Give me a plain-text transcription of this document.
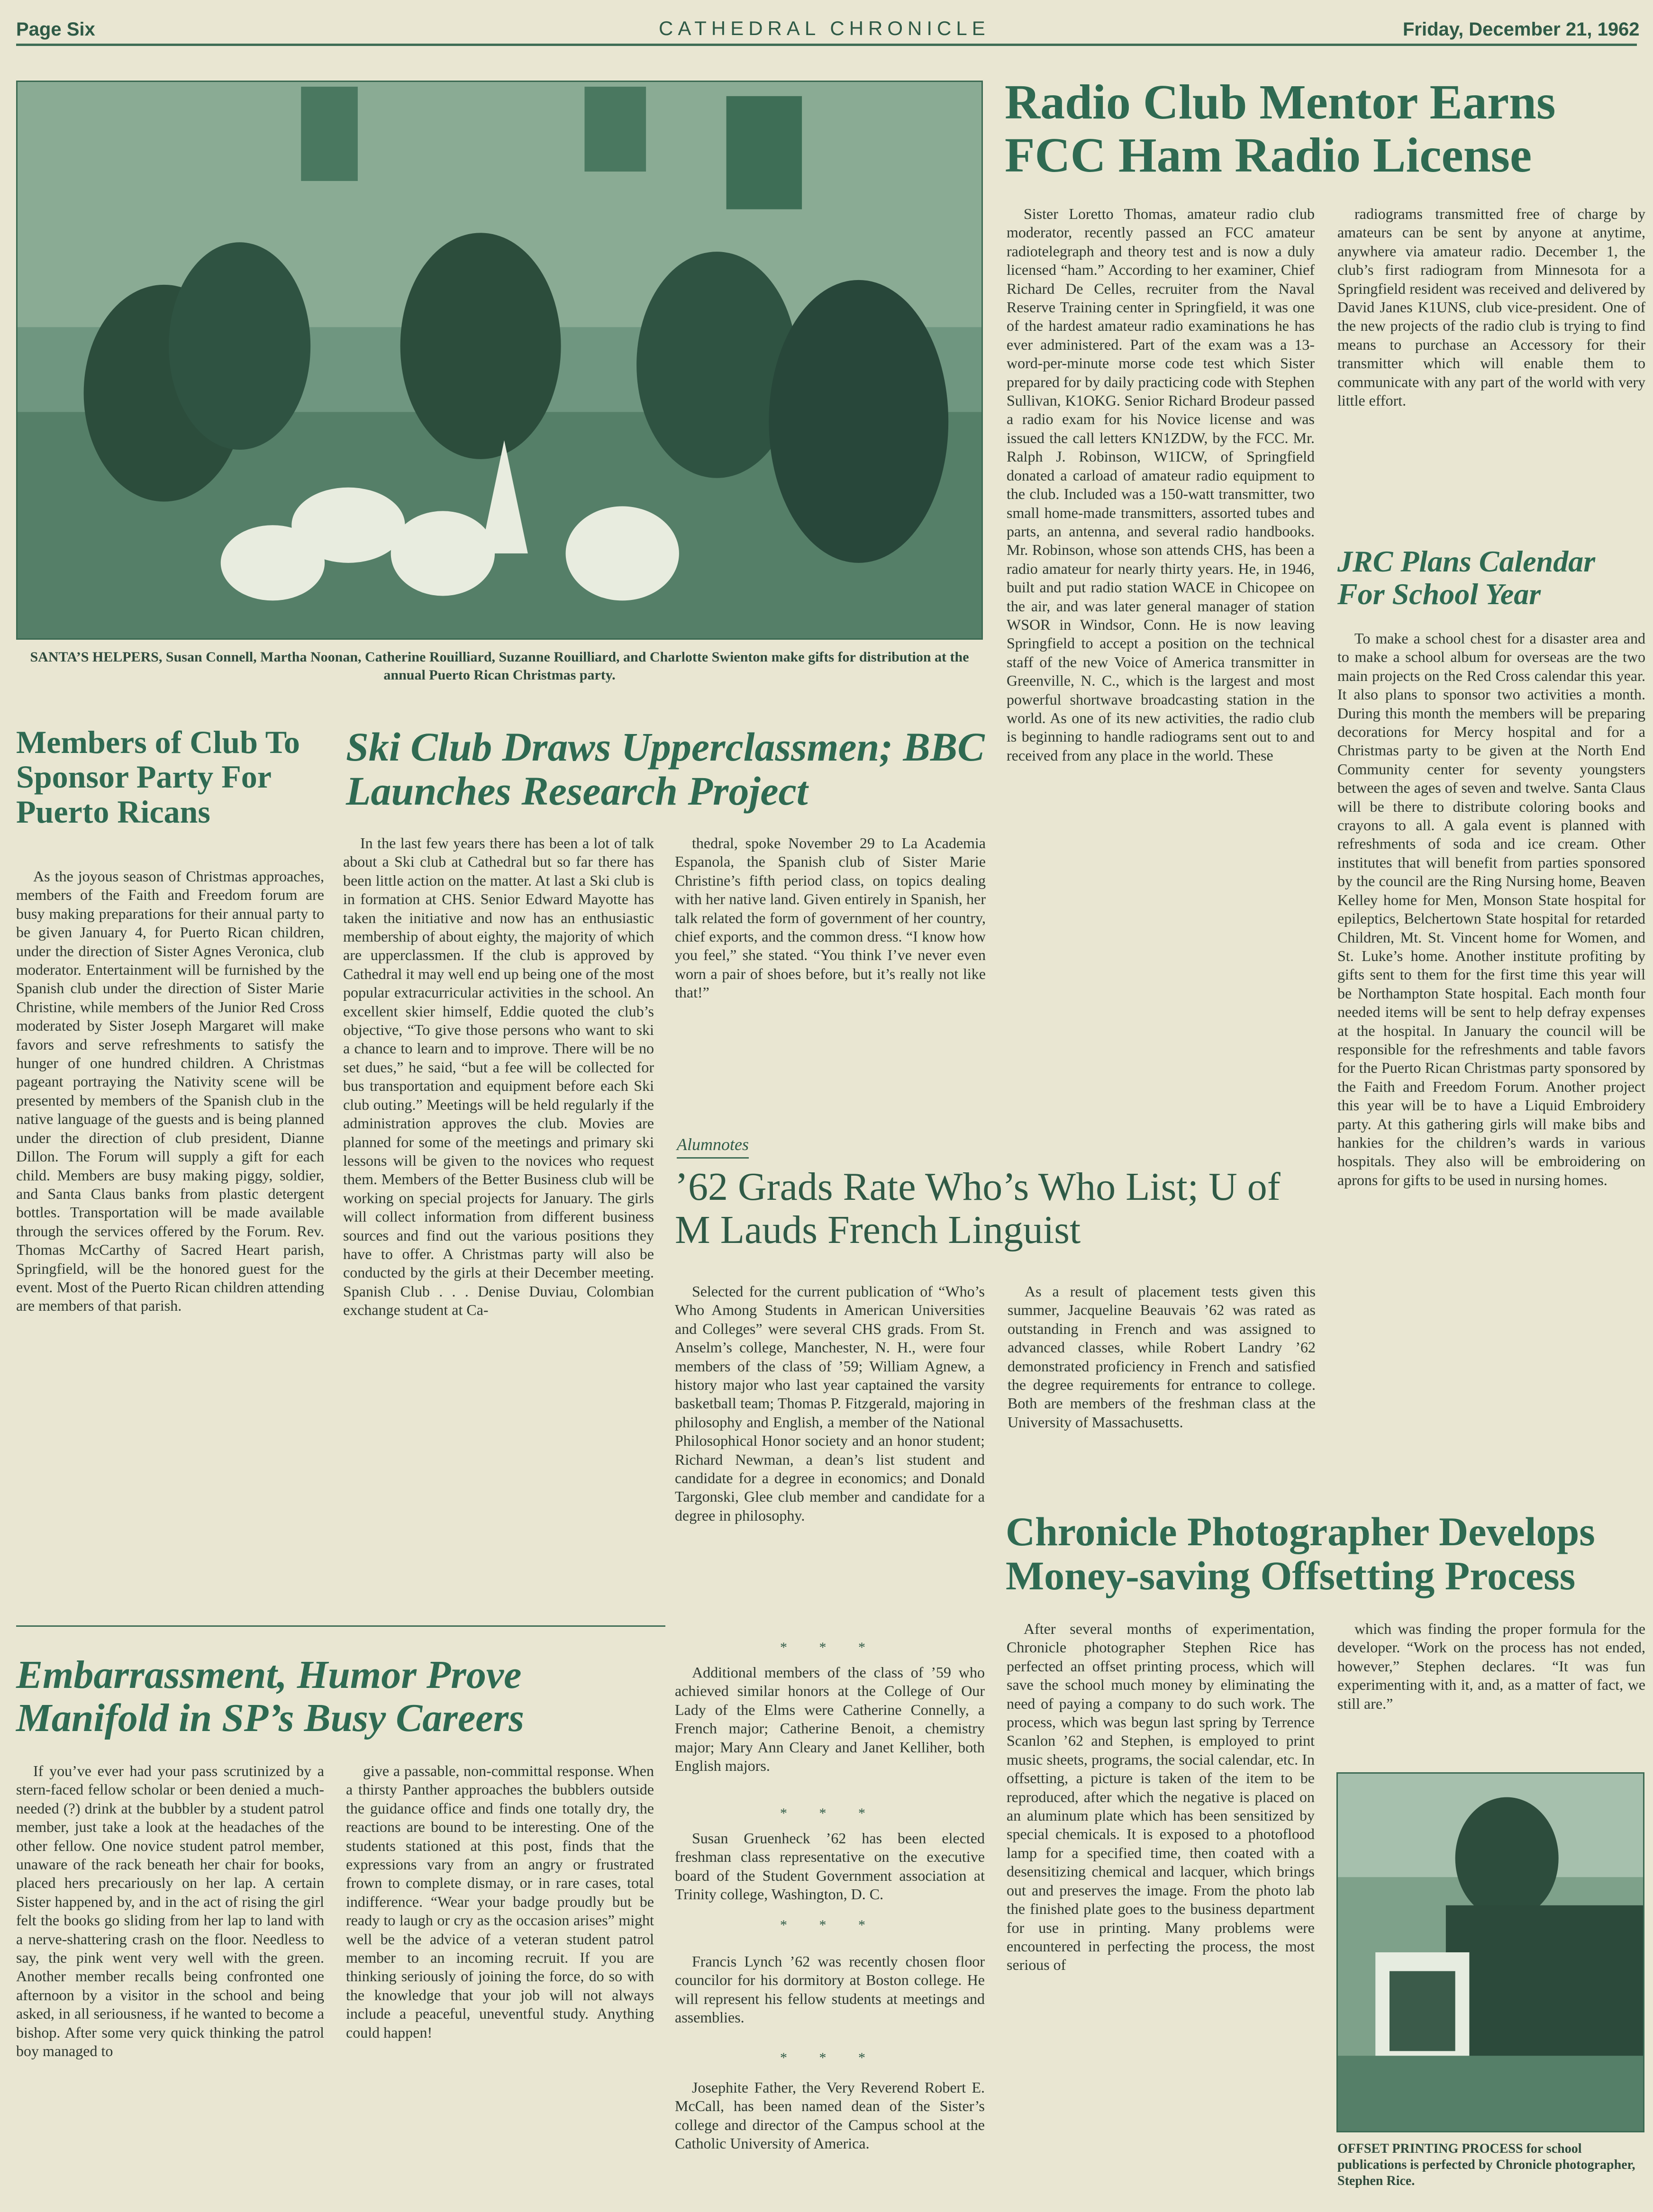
Page Six	CATHEDRAL CHRONICLE	Friday, December 21, 1962
SANTA’S HELPERS, Susan Connell, Martha Noonan, Catherine Rouilliard, Suzanne Rouilliard, and Charlotte Swienton make gifts for distribution at the annual Puerto Rican Christmas party.
Radio Club Mentor Earns FCC Ham Radio License
Sister Loretto Thomas, amateur radio club moderator, recently passed an FCC amateur radiotelegraph and theory test and is now a duly licensed “ham.” According to her examiner, Chief Richard De Celles, recruiter from the Naval Reserve Training center in Springfield, it was one of the hardest amateur radio examinations he has ever administered. Part of the exam was a 13-word-per-minute morse code test which Sister prepared for by daily practicing code with Stephen Sullivan, K1OKG. Senior Richard Brodeur passed a radio exam for his Novice license and was issued the call letters KN1ZDW, by the FCC. Mr. Ralph J. Robinson, W1ICW, of Springfield donated a carload of amateur radio equipment to the club. Included was a 150-watt transmitter, two small home-made transmitters, assorted tubes and parts, an antenna, and several radio handbooks. Mr. Robinson, whose son attends CHS, has been a radio amateur for nearly thirty years. He, in 1946, built and put radio station WACE in Chicopee on the air, and was later general manager of station WSOR in Windsor, Conn. He is now leaving Springfield to accept a position on the technical staff of the new Voice of America transmitter in Greenville, N. C., which is the largest and most powerful shortwave broadcasting station in the world. As one of its new activities, the radio club is beginning to handle radiograms sent out to and received from any place in the world. These
radiograms transmitted free of charge by amateurs can be sent by anyone at anytime, anywhere via amateur radio. December 1, the club’s first radiogram from Minnesota for a Springfield resident was received and delivered by David Janes K1UNS, club vice-president. One of the new projects of the radio club is trying to find means to purchase an Accessory for their transmitter which will enable them to communicate with any part of the world with very little effort.
JRC Plans Calendar For School Year
To make a school chest for a disaster area and to make a school album for overseas are the two main projects on the Red Cross calendar this year. It also plans to sponsor two activities a month. During this month the members will be preparing decorations for Mercy hospital and for a Christmas party to be given at the North End Community center for seventy youngsters between the ages of seven and twelve. Santa Claus will be there to distribute coloring books and crayons to all. A gala event is planned with refreshments of soda and ice cream. Other institutes that will benefit from parties sponsored by the council are the Ring Nursing home, Beaven Kelley home for Men, Monson State hospital for epileptics, Belchertown State hospital for retarded Children, Mt. St. Vincent home for Women, and St. Luke’s home. Another institute profiting by gifts sent to them for the first time this year will be Northampton State hospital. Each month four needed items will be sent to help defray expenses at the hospital. In January the council will be responsible for the refreshments and table favors for the Puerto Rican Christmas party sponsored by the Faith and Freedom Forum. Another project this year will be to have a Liquid Embroidery party. At this gathering girls will make bibs and hankies for the children’s wards in various hospitals. They also will be embroidering on aprons for gifts to be used in nursing homes.
Members of Club To Sponsor Party For Puerto Ricans
As the joyous season of Christmas approaches, members of the Faith and Freedom forum are busy making preparations for their annual party to be given January 4, for Puerto Rican children, under the direction of Sister Agnes Veronica, club moderator. Entertainment will be furnished by the Spanish club under the direction of Sister Marie Christine, while members of the Junior Red Cross moderated by Sister Joseph Margaret will make favors and serve refreshments to satisfy the hunger of one hundred children. A Christmas pageant portraying the Nativity scene will be presented by members of the Spanish club in the native language of the guests and is being planned under the direction of club president, Dianne Dillon. The Forum will supply a gift for each child. Members are busy making piggy, soldier, and Santa Claus banks from plastic detergent bottles. Transportation will be made available through the services offered by the Forum. Rev. Thomas McCarthy of Sacred Heart parish, Springfield, will be the honored guest for the event. Most of the Puerto Rican children attending are members of that parish.
Ski Club Draws Upperclassmen; BBC Launches Research Project
In the last few years there has been a lot of talk about a Ski club at Cathedral but so far there has been little action on the matter. At last a Ski club is in formation at CHS. Senior Edward Mayotte has taken the initiative and now has an enthusiastic membership of about eighty, the majority of which are upperclassmen. If the club is approved by Cathedral it may well end up being one of the most popular extracurricular activities in the school. An excellent skier himself, Eddie quoted the club’s objective, “To give those persons who want to ski a chance to learn and to improve. There will be no set dues,” he said, “but a fee will be collected for bus transportation and equipment before each Ski club outing.” Meetings will be held regularly if the administration approves the club. Movies are planned for some of the meetings and primary ski lessons will be given to the novices who request them. Members of the Better Business club will be working on special projects for January. The girls will collect information from different business sources and find out the various positions they have to offer. A Christmas party will also be conducted by the girls at their December meeting. Spanish Club . . . Denise Duviau, Colombian exchange student at Ca-
thedral, spoke November 29 to La Academia Espanola, the Spanish club of Sister Marie Christine’s fifth period class, on topics dealing with her native land. Given entirely in Spanish, her talk related the form of government of her country, chief exports, and the common dress. “I know how you feel,” she stated. “You think I’ve never even worn a pair of shoes before, but it’s really not like that!”
Alumnotes
’62 Grads Rate Who’s Who List; U of M Lauds French Linguist
Selected for the current publication of “Who’s Who Among Students in American Universities and Colleges” were several CHS grads. From St. Anselm’s college, Manchester, N. H., were four members of the class of ’59; William Agnew, a history major who last year captained the varsity basketball team; Thomas P. Fitzgerald, majoring in philosophy and English, a member of the National Philosophical Honor society and an honor student; Richard Newman, a dean’s list student and candidate for a degree in economics; and Donald Targonski, Glee club member and candidate for a degree in philosophy.
* * *
Additional members of the class of ’59 who achieved similar honors at the College of Our Lady of the Elms were Catherine Connelly, a French major; Catherine Benoit, a chemistry major; Mary Ann Cleary and Janet Kelliher, both English majors.
* * *
Susan Gruenheck ’62 has been elected freshman class representative on the executive board of the Student Government association at Trinity college, Washington, D. C.
* * *
Francis Lynch ’62 was recently chosen floor councilor for his dormitory at Boston college. He will represent his fellow students at meetings and assemblies.
* * *
Josephite Father, the Very Reverend Robert E. McCall, has been named dean of the Sister’s college and director of the Campus school at the Catholic University of America.
As a result of placement tests given this summer, Jacqueline Beauvais ’62 was rated as outstanding in French and was assigned to advanced classes, while Robert Landry ’62 demonstrated proficiency in French and satisfied the degree requirements for entrance to college. Both are members of the freshman class at the University of Massachusetts.
Embarrassment, Humor Prove Manifold in SP’s Busy Careers
If you’ve ever had your pass scrutinized by a stern-faced fellow scholar or been denied a much-needed (?) drink at the bubbler by a student patrol member, just take a look at the headaches of the other fellow. One novice student patrol member, unaware of the rack beneath her chair for books, placed hers precariously on her lap. A certain Sister happened by, and in the act of rising the girl felt the books go sliding from her lap to land with a nerve-shattering crash on the floor. Needless to say, the pink went very well with the green. Another member recalls being confronted one afternoon by a visitor in the school and being asked, in all seriousness, if he wanted to become a bishop. After some very quick thinking the patrol boy managed to
give a passable, non-committal response. When a thirsty Panther approaches the bubblers outside the guidance office and finds one totally dry, the reactions are bound to be interesting. One of the students stationed at this post, finds that the expressions vary from an angry or frustrated frown to complete dismay, or in rare cases, total indifference. “Wear your badge proudly but be ready to laugh or cry as the occasion arises” might well be the advice of a veteran student patrol member to an incoming recruit. If you are thinking seriously of joining the force, do so with the knowledge that your job will not always include a peaceful, uneventful study. Anything could happen!
Chronicle Photographer Develops Money-saving Offsetting Process
After several months of experimentation, Chronicle photographer Stephen Rice has perfected an offset printing process, which will save the school much money by eliminating the need of paying a company to do such work. The process, which was begun last spring by Terrence Scanlon ’62 and Stephen, is employed to print music sheets, programs, the social calendar, etc. In offsetting, a picture is taken of the item to be reproduced, after which the negative is placed on an aluminum plate which has been sensitized by special chemicals. It is exposed to a photoflood lamp for a specified time, then coated with a desensitizing chemical and lacquer, which brings out and preserves the image. From the photo lab the finished plate goes to the business department for use in printing. Many problems were encountered in perfecting the process, the most serious of
which was finding the proper formula for the developer. “Work on the process has not ended, however,” Stephen declares. “It was fun experimenting with it, and, as a matter of fact, we still are.”
OFFSET PRINTING PROCESS for school publications is perfected by Chronicle photographer, Stephen Rice.
